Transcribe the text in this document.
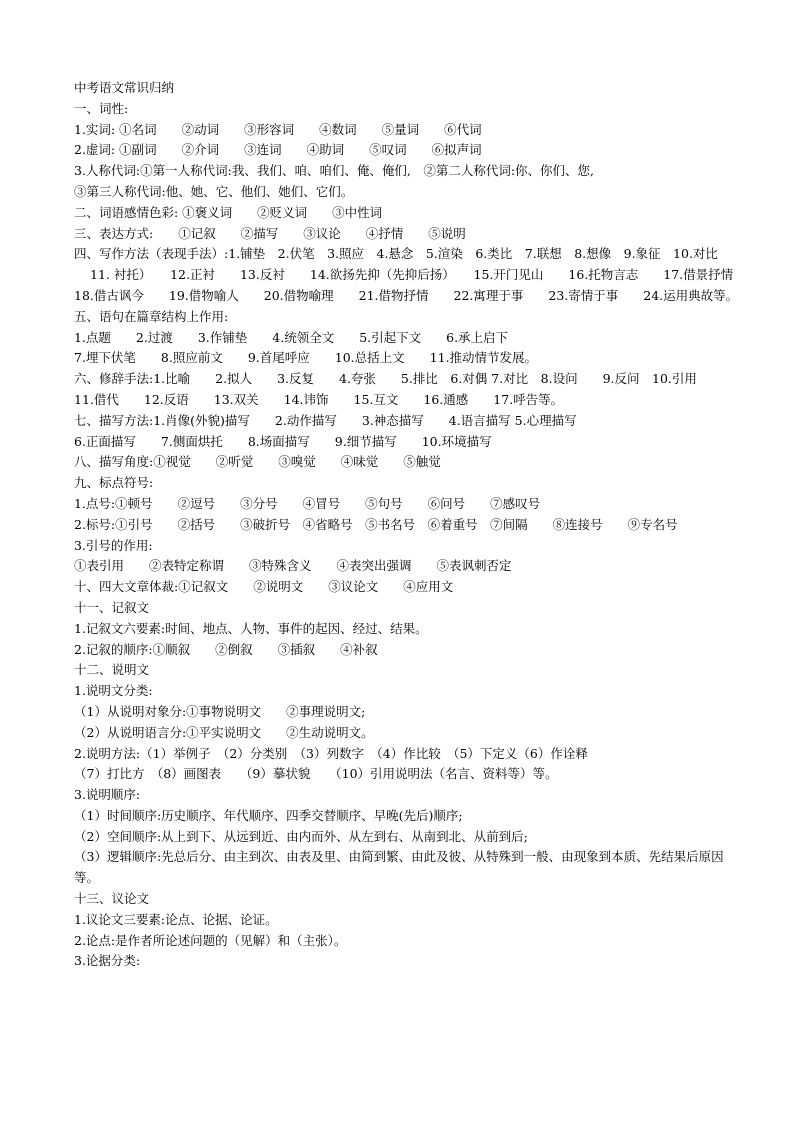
中考语文常识归纳
一、词性:
1.实词: ①名词　　②动词　　③形容词　　④数词　　⑤量词　　⑥代词
2.虚词: ①副词　　②介词　　③连词　　④助词　　⑤叹词　　⑥拟声词
3.人称代词:①第一人称代词:我、我们、咱、咱们、俺、俺们,　②第二人称代词:你、你们、您,
③第三人称代词:他、她、它、他们、她们、它们。
二、词语感情色彩: ①褒义词　　②贬义词　　③中性词
三、表达方式:　　①记叙　　②描写　　③议论　　④抒情　　⑤说明
四、写作方法（表现手法）:1.铺垫　2.伏笔　3.照应　4.悬念　5.渲染　6.类比　7.联想　8.想像　9.象征　10.对比
11. 衬托）　　12.正衬　　13.反衬　　14.欲扬先抑（先抑后扬）　　15.开门见山　　16.托物言志　　17.借景抒情
18.借古讽今　　19.借物喻人　　20.借物喻理　　21.借物抒情　　22.寓理于事　　23.寄情于事　　24.运用典故等。
五、语句在篇章结构上作用:
1.点题　　2.过渡　　3.作铺垫　　4.统领全文　　5.引起下文　　6.承上启下
7.埋下伏笔　　8.照应前文　　9.首尾呼应　　10.总括上文　　11.推动情节发展。
六、修辞手法:1.比喻　　2.拟人　　3.反复　　4.夸张　　5.排比　6.对偶 7.对比　8.设问　　9.反问　10.引用
11.借代　　12.反语　　13.双关　　14.讳饰　　15.互文　　16.通感　　17.呼告等。
七、描写方法:1.肖像(外貌)描写　　2.动作描写　　3.神态描写　　4.语言描写 5.心理描写
6.正面描写　　7.侧面烘托　　8.场面描写　　9.细节描写　　10.环境描写
八、描写角度:①视觉　　②听觉　　③嗅觉　　④味觉　　⑤触觉
九、标点符号:
1.点号:①顿号　　②逗号　　③分号　　④冒号　　⑤句号　　⑥问号　　⑦感叹号
2.标号:①引号　　②括号　　③破折号　④省略号　⑤书名号　⑥着重号　⑦间隔　　⑧连接号　　⑨专名号
3.引号的作用:
①表引用　　②表特定称谓　　③特殊含义　　④表突出强调　　⑤表讽刺否定
十、四大文章体裁:①记叙文　　②说明文　　③议论文　　④应用文
十一、记叙文
1.记叙文六要素:时间、地点、人物、事件的起因、经过、结果。
2.记叙的顺序:①顺叙　　②倒叙　　③插叙　　④补叙
十二、说明文
1.说明文分类:
（1）从说明对象分:①事物说明文　　②事理说明文;
（2）从说明语言分:①平实说明文　　②生动说明文。
2.说明方法:（1）举例子　（2）分类别　（3）列数字　（4）作比较　（5）下定义（6）作诠释
（7）打比方　（8）画图表　　（9）摹状貌　　（10）引用说明法（名言、资料等）等。
3.说明顺序:
（1）时间顺序:历史顺序、年代顺序、四季交替顺序、早晚(先后)顺序;
（2）空间顺序:从上到下、从远到近、由内而外、从左到右、从南到北、从前到后;
（3）逻辑顺序:先总后分、由主到次、由表及里、由简到繁、由此及彼、从特殊到一般、由现象到本质、先结果后原因等。
十三、议论文
1.议论文三要素:论点、论据、论证。
2.论点:是作者所论述问题的（见解）和（主张）。
3.论据分类:
